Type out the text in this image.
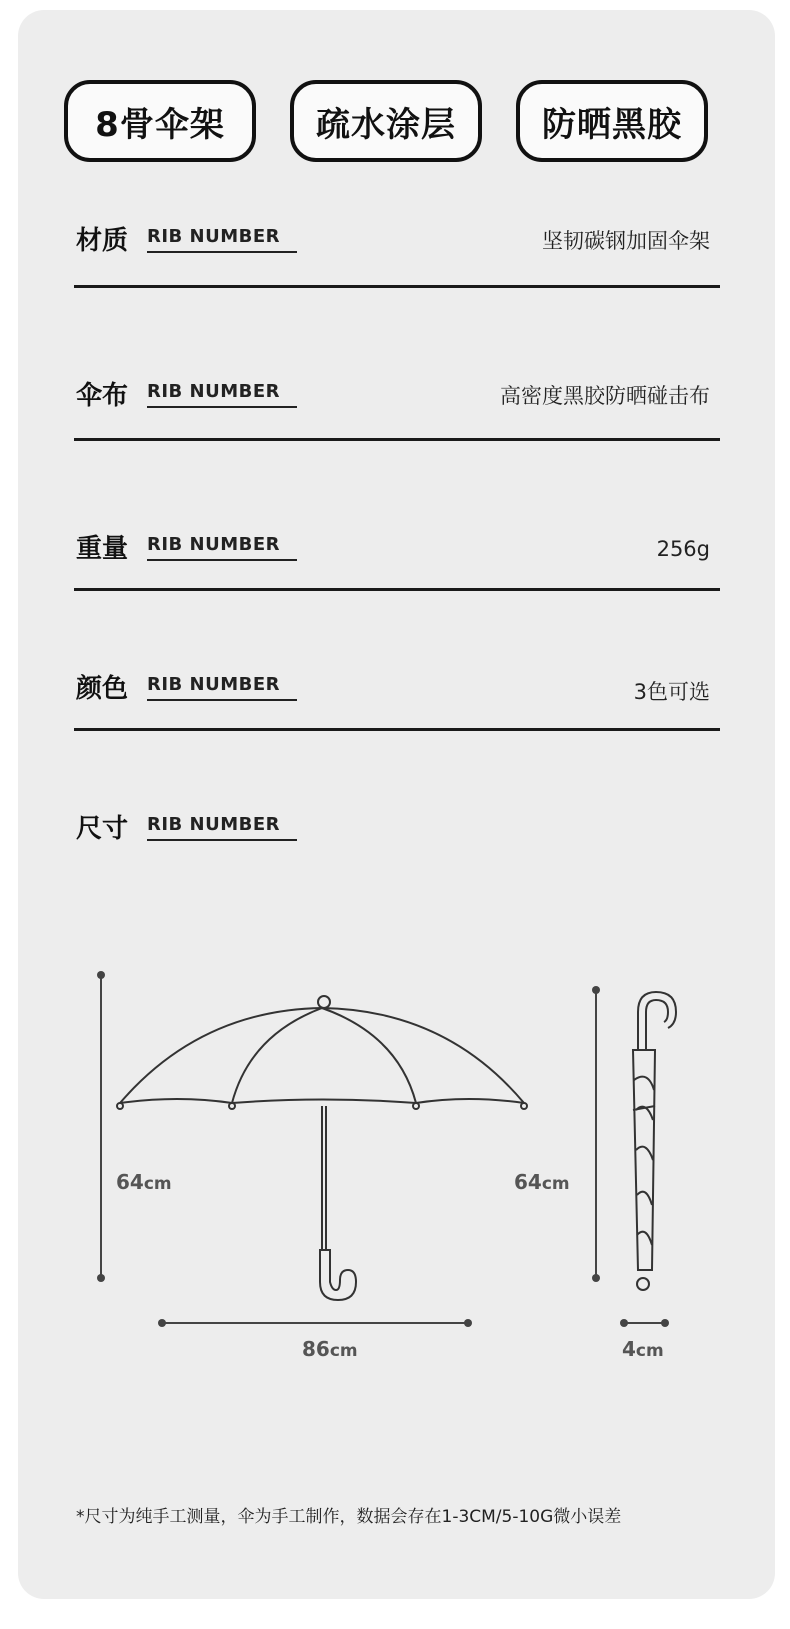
8骨伞架	疏水涂层	防晒黑胶
材质 RIB NUMBER	坚韧碳钢加固伞架
伞布 RIB NUMBER	高密度黑胶防晒碰击布
重量 RIB NUMBER	256g
颜色 RIB NUMBER	3色可选
尺寸 RIB NUMBER
64cm
86cm
64cm
4cm
*尺寸为纯手工测量，伞为手工制作，数据会存在1-3CM/5-10G微小误差
